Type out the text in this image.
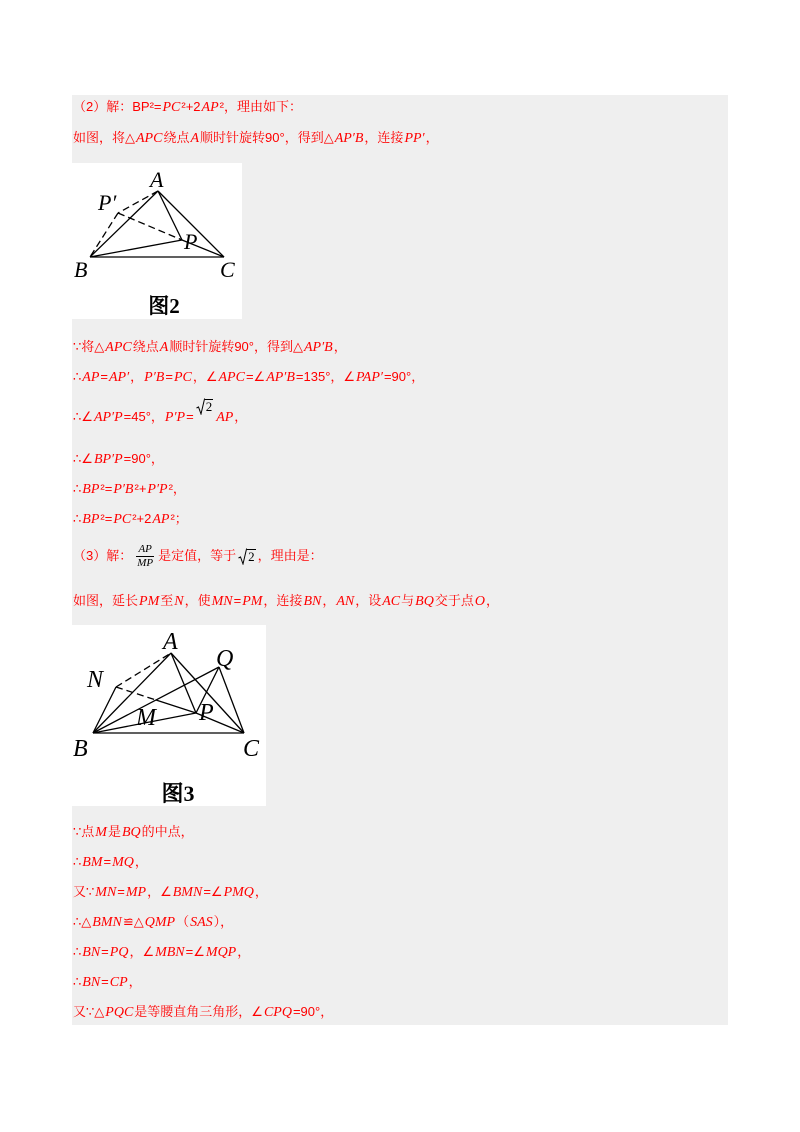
（2）解：BP²=PC²+2AP²，理由如下：
如图，将△APC绕点A顺时针旋转90°，得到△AP′B，连接PP′，
A
P′
P
B	C
图2
∵将△APC绕点A顺时针旋转90°，得到△AP′B，
∴AP=AP′，P′B=PC，∠APC=∠AP′B=135°，∠PAP′=90°，
∴∠AP′P=45°，P′P=
2
AP，
∴∠BP′P=90°，
∴BP²=P′B²+P′P²，
∴BP²=PC²+2AP²；
（3）解： $\frac{AP}{MP}$ 是定值，等于 2 ，理由是：
如图，延长PM至N，使MN=PM，连接BN，AN，设AC与BQ交于点O，
A
Q
N
M P
B	C
图3
∵点M是BQ的中点，
∴BM=MQ，
又∵MN=MP，∠BMN=∠PMQ，
∴△BMN≌△QMP（SAS），
∴BN=PQ，∠MBN=∠MQP，
∴BN=CP，
又∵△PQC是等腰直角三角形，∠CPQ=90°，
